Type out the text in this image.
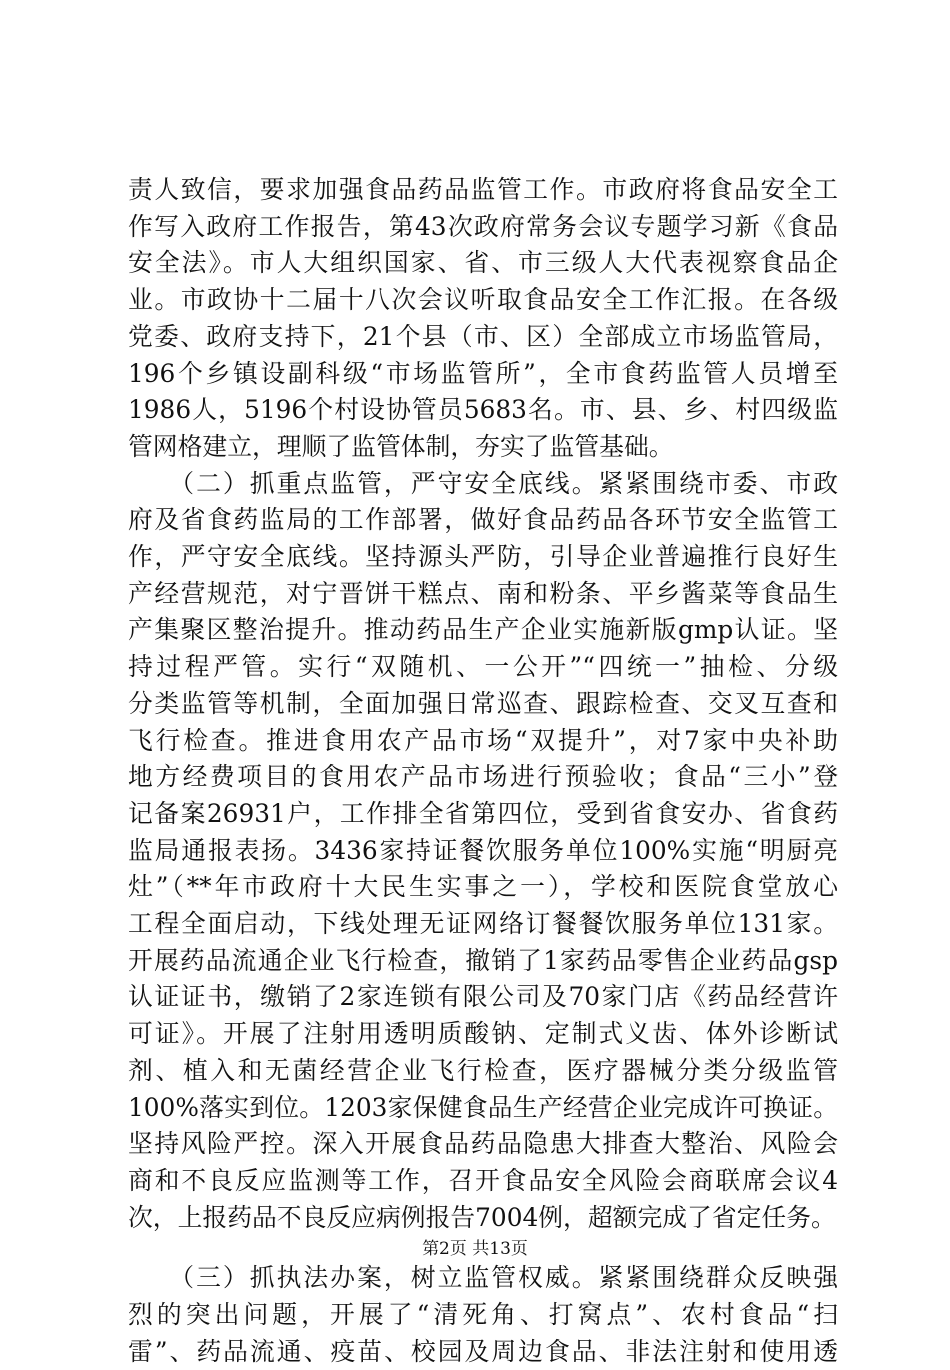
责人致信，要求加强食品药品监管工作。市政府将食品安全工
作写入政府工作报告，第43次政府常务会议专题学习新《食品
安全法》。市人大组织国家、省、市三级人大代表视察食品企
业。市政协十二届十八次会议听取食品安全工作汇报。在各级
党委、政府支持下，21个县（市、区）全部成立市场监管局，
196个乡镇设副科级“市场监管所”，全市食药监管人员增至
1986人，5196个村设协管员5683名。市、县、乡、村四级监
管网格建立，理顺了监管体制，夯实了监管基础。
　　（二）抓重点监管，严守安全底线。紧紧围绕市委、市政
府及省食药监局的工作部署，做好食品药品各环节安全监管工
作，严守安全底线。坚持源头严防，引导企业普遍推行良好生
产经营规范，对宁晋饼干糕点、南和粉条、平乡酱菜等食品生
产集聚区整治提升。推动药品生产企业实施新版gmp认证。坚
持过程严管。实行“双随机、一公开”“四统一”抽检、分级
分类监管等机制，全面加强日常巡查、跟踪检查、交叉互查和
飞行检查。推进食用农产品市场“双提升”，对7家中央补助
地方经费项目的食用农产品市场进行预验收；食品“三小”登
记备案26931户，工作排全省第四位，受到省食安办、省食药
监局通报表扬。3436家持证餐饮服务单位100%实施“明厨亮
灶”（**年市政府十大民生实事之一），学校和医院食堂放心
工程全面启动，下线处理无证网络订餐餐饮服务单位131家。
开展药品流通企业飞行检查，撤销了1家药品零售企业药品gsp
认证证书，缴销了2家连锁有限公司及70家门店《药品经营许
可证》。开展了注射用透明质酸钠、定制式义齿、体外诊断试
剂、植入和无菌经营企业飞行检查，医疗器械分类分级监管
100%落实到位。1203家保健食品生产经营企业完成许可换证。
坚持风险严控。深入开展食品药品隐患大排查大整治、风险会
商和不良反应监测等工作，召开食品安全风险会商联席会议4
次，上报药品不良反应病例报告7004例，超额完成了省定任务。
　　（三）抓执法办案，树立监管权威。紧紧围绕群众反映强
烈的突出问题，开展了“清死角、打窝点”、农村食品“扫
雷”、药品流通、疫苗、校园及周边食品、非法注射和使用透
第2页 共13页
